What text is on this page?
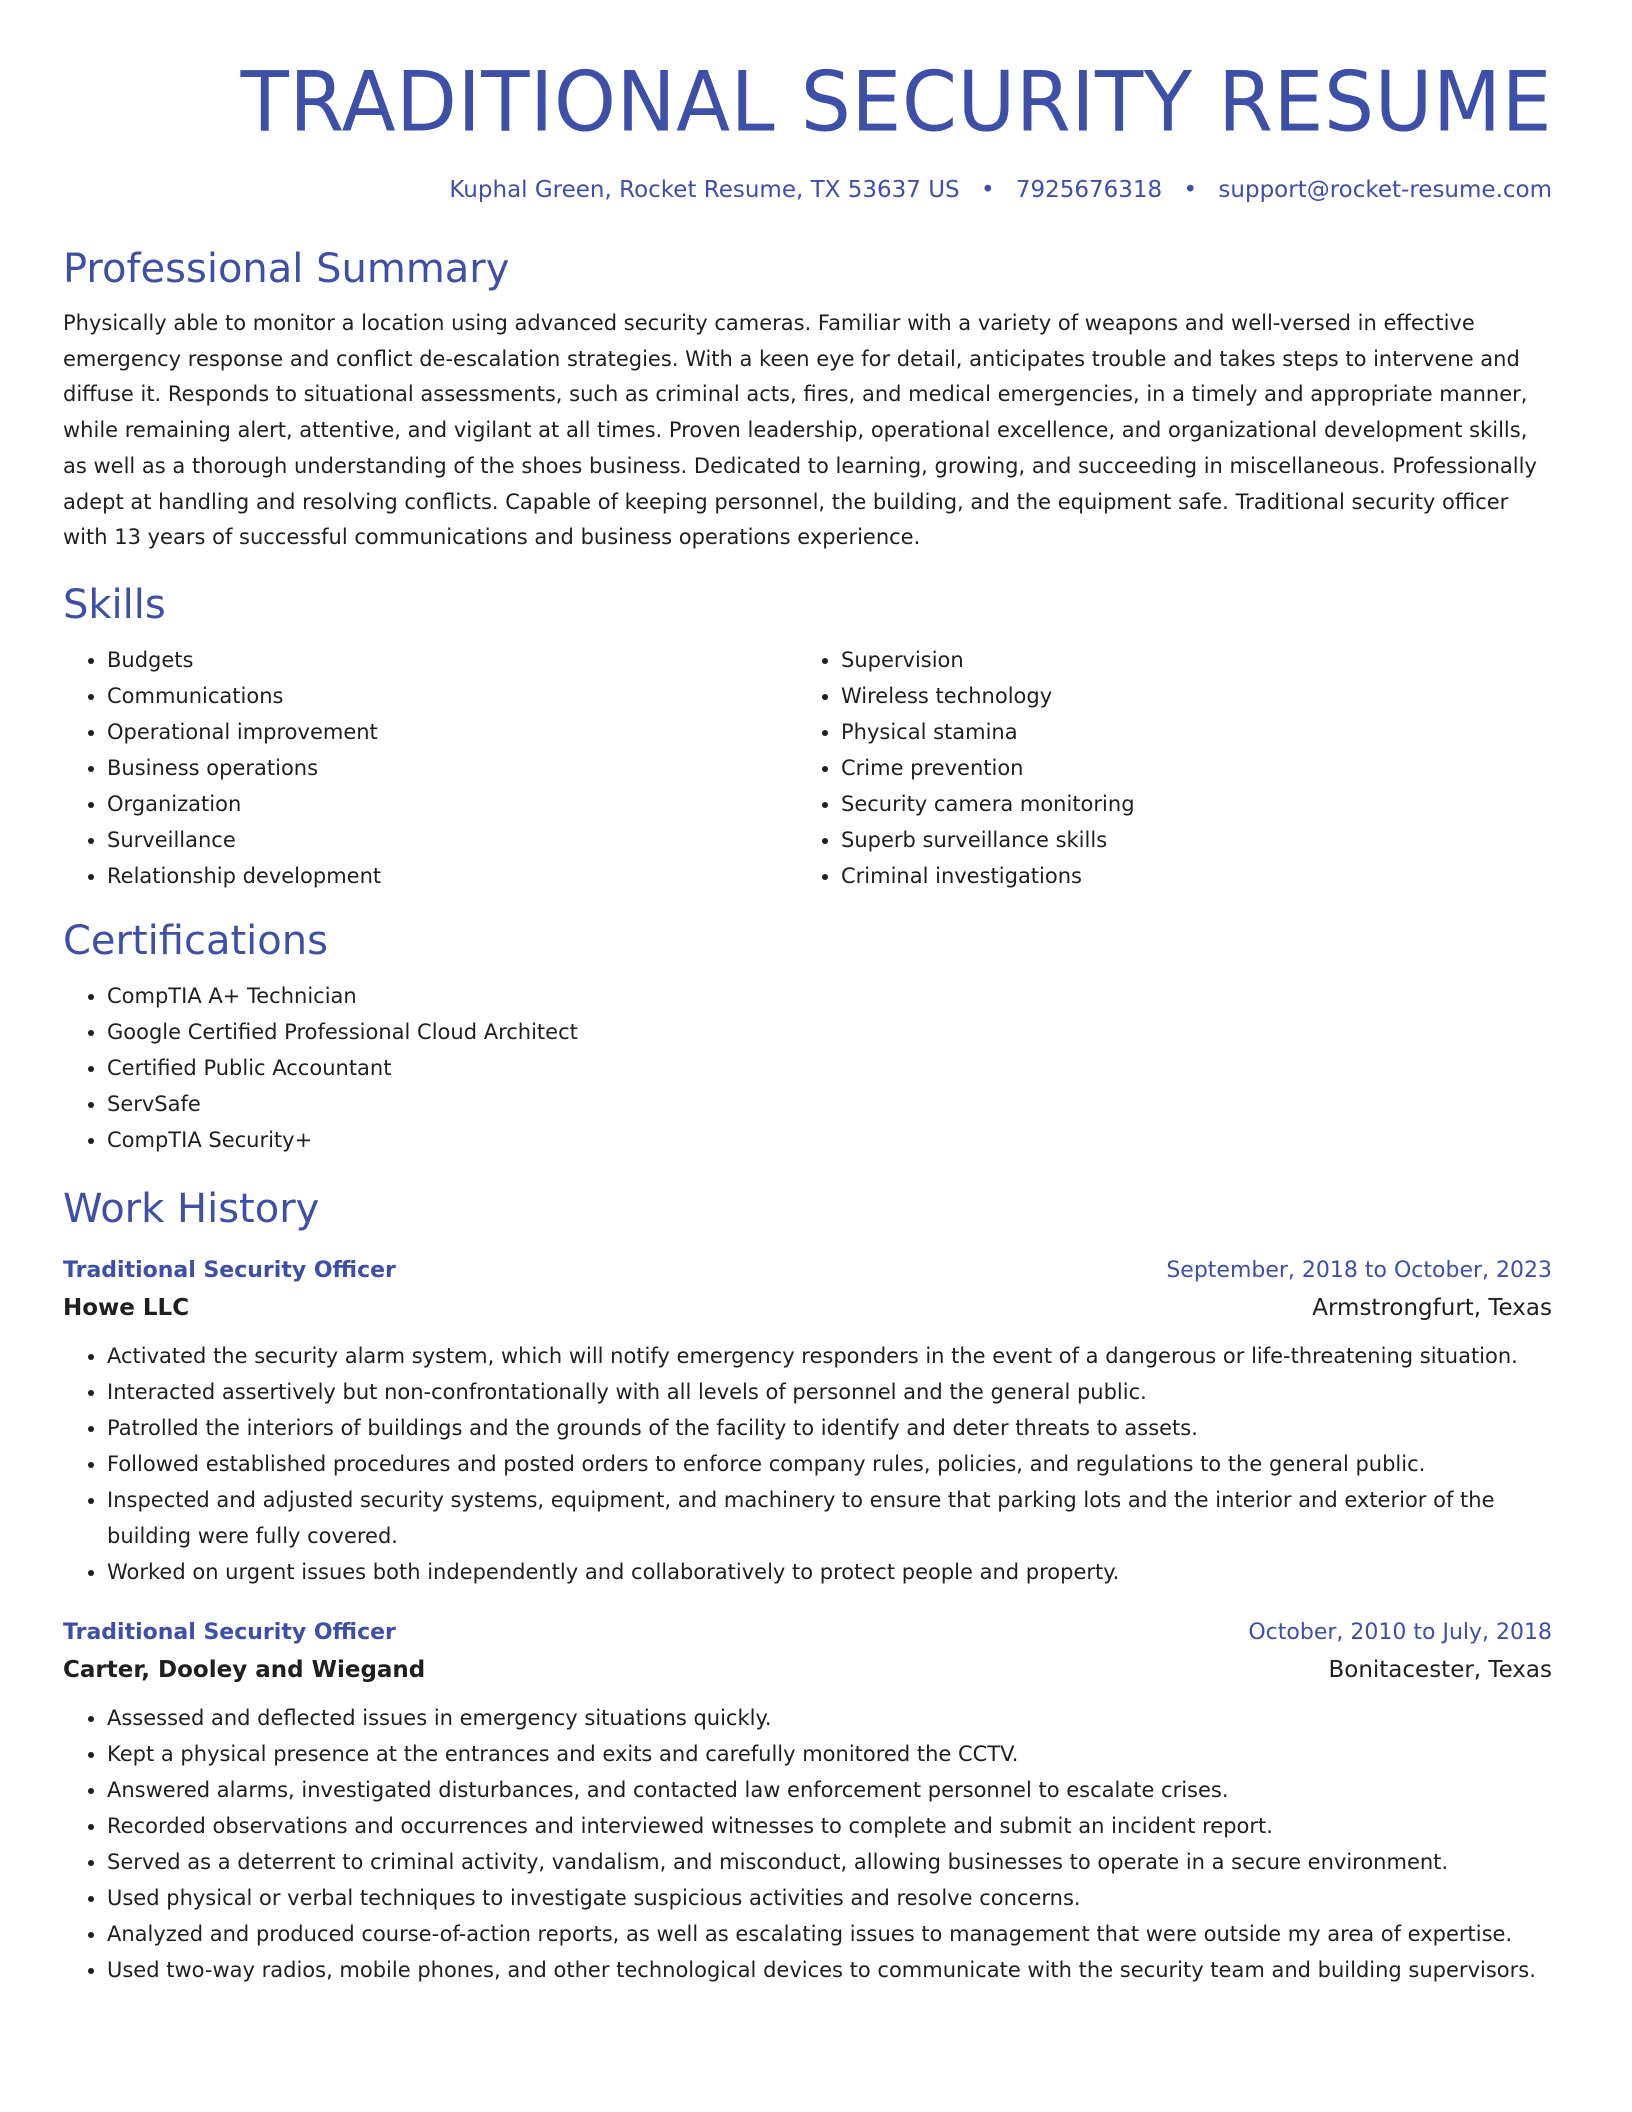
TRADITIONAL SECURITY RESUME
Kuphal Green, Rocket Resume, TX 53637 US • 7925676318 • support@rocket-resume.com
Professional Summary

Physically able to monitor a location using advanced security cameras. Familiar with a variety of weapons and well-versed in effective emergency response and conflict de-escalation strategies. With a keen eye for detail, anticipates trouble and takes steps to intervene and diffuse it. Responds to situational assessments, such as criminal acts, fires, and medical emergencies, in a timely and appropriate manner, while remaining alert, attentive, and vigilant at all times. Proven leadership, operational excellence, and organizational development skills, as well as a thorough understanding of the shoes business. Dedicated to learning, growing, and succeeding in miscellaneous. Professionally adept at handling and resolving conflicts. Capable of keeping personnel, the building, and the equipment safe. Traditional security officer with 13 years of successful communications and business operations experience.

Skills
• Budgets
• Communications
• Operational improvement
• Business operations
• Organization
• Surveillance
• Relationship development
• Supervision
• Wireless technology
• Physical stamina
• Crime prevention
• Security camera monitoring
• Superb surveillance skills
• Criminal investigations
Certifications
• CompTIA A+ Technician
• Google Certified Professional Cloud Architect
• Certified Public Accountant
• ServSafe
• CompTIA Security+
Work History
Traditional Security Officer	September, 2018 to October, 2023
Howe LLC	Armstrongfurt, Texas
• Activated the security alarm system, which will notify emergency responders in the event of a dangerous or life-threatening situation.
• Interacted assertively but non-confrontationally with all levels of personnel and the general public.
• Patrolled the interiors of buildings and the grounds of the facility to identify and deter threats to assets.
• Followed established procedures and posted orders to enforce company rules, policies, and regulations to the general public.
• Inspected and adjusted security systems, equipment, and machinery to ensure that parking lots and the interior and exterior of the building were fully covered.
• Worked on urgent issues both independently and collaboratively to protect people and property.
Traditional Security Officer	October, 2010 to July, 2018
Carter, Dooley and Wiegand	Bonitacester, Texas
• Assessed and deflected issues in emergency situations quickly.
• Kept a physical presence at the entrances and exits and carefully monitored the CCTV.
• Answered alarms, investigated disturbances, and contacted law enforcement personnel to escalate crises.
• Recorded observations and occurrences and interviewed witnesses to complete and submit an incident report.
• Served as a deterrent to criminal activity, vandalism, and misconduct, allowing businesses to operate in a secure environment.
• Used physical or verbal techniques to investigate suspicious activities and resolve concerns.
• Analyzed and produced course-of-action reports, as well as escalating issues to management that were outside my area of expertise.
• Used two-way radios, mobile phones, and other technological devices to communicate with the security team and building supervisors.
